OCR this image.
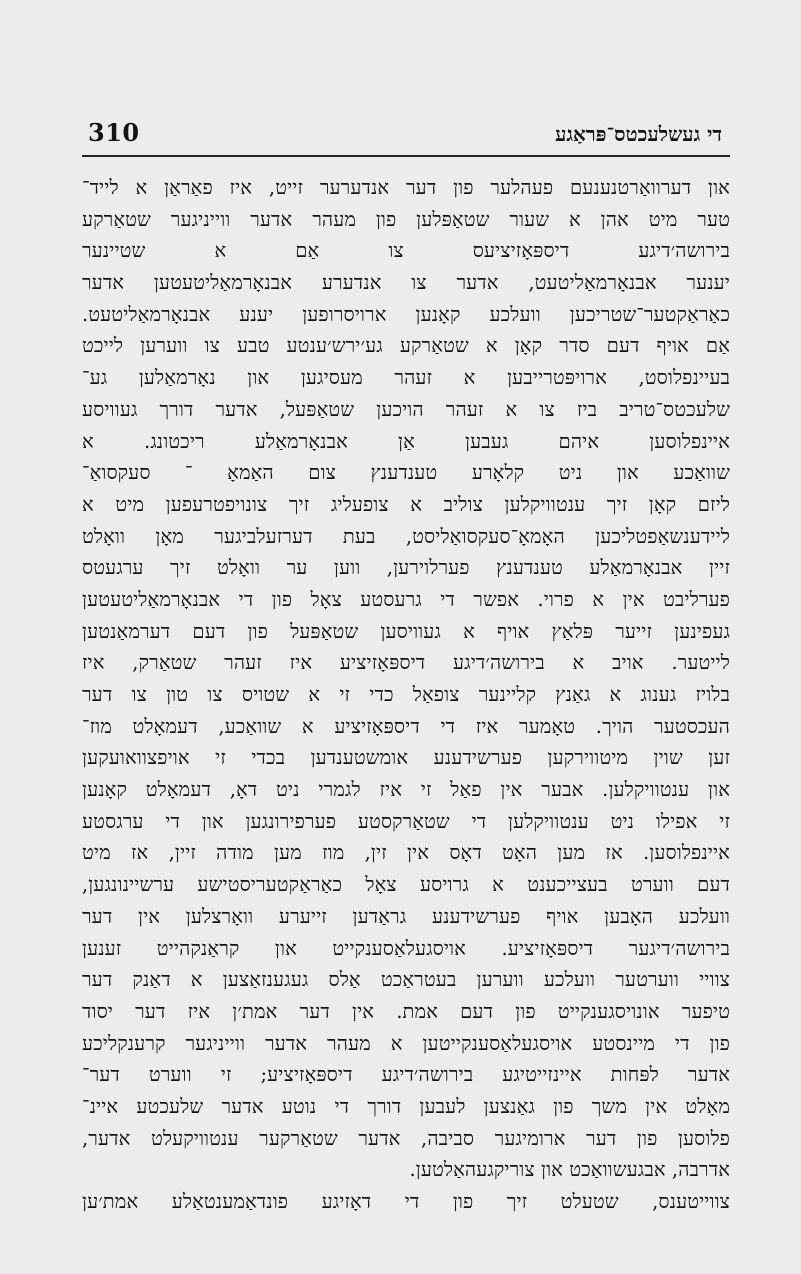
310	די געשלעכטס־פּראַגע
און דערוואַרטנענעם פעהלער פון דער אנדערער זייט, איז פאַראַן א לייד־
טער מיט אהן א שעור שטאַפּלען פון מעהר אדער ווייניגער שטאַרקע
בירושה׳דיגע דיספּאָזיציעס צו אַם א שטיינער
יענער אבנאָרמאַליטעט, אדער צו אנדערע אבנאָרמאַליטעטען אדער
כאַראַקטער־שטריכען וועלכע קאָנען ארויסרופען יענע אבנאָרמאַליטעט.
אַם אויף דעם סדר קאָן א שטאַרקע גע׳ירש׳ענטע טבע צו ווערען לייכט
בעיינפלוסט, ארויפּטרייבען א זעהר מעסיגען און נאָרמאַלען גע־
שלעכטס־טריב ביז צו א זעהר הויכען שטאַפּעל, אדער דורך געוויסע
איינפלוסען איהם געבען אַן אבנאָרמאַלע ריכטונג. א
שוואַכע און ניט קלאָרע טענדענץ צום האַמאָ ־ סעקסואַ־
ליזם קאָן זיך ענטוויקלען צוליב א צופעליג זיך צונויפטרעפען מיט א
ליידענשאַפטליכען האָמאָ־סעקסואַליסט, בעת דערזעלביגער מאָן וואָלט
זיין אבנאָרמאַלע טענדענץ פערלוירען, ווען ער וואָלט זיך ערגעטס
פערליבט אין א פרוי. אפשר די גרעסטע צאָל פון די אבנאָרמאַליטעטען
געפינען זייער פּלאַץ אויף א געוויסען שטאַפּעל פון דעם דערמאַנטען
לייטער. אויב א בירושה׳דיגע דיספּאָזיציע איז זעהר שטאַרק, איז
בלויז גענוג א גאַנץ קליינער צופאַל כדי זי א שטויס צו טון צו דער
העכסטער הויך. טאָמער איז די דיספּאָזיציע א שוואַכע, דעמאָלט מוז־
זען שוין מיטווירקען פערשידענע אומשטענדען בכדי זי אויפצוואועקען
און ענטוויקלען. אבער אין פאַל זי איז לגמרי ניט דאָ, דעמאָלט קאָנען
זי אפילו ניט ענטוויקלען די שטאַרקסטע פערפירונגען און די ערגסטע
איינפלוסען. אז מען האָט דאָס אין זין, מוז מען מודה זיין, אז מיט
דעם ווערט בעצייכענט א גרויסע צאָל כאַראַקטעריסטישע ערשיינונגען,
וועלכע האָבען אויף פערשידענע גראַדען זייערע וואָרצלען אין דער
בירושה׳דיגער דיספּאָזיציע. אויסגעלאַסענקייט און קראַנקהייט זענען
צוויי ווערטער וועלכע ווערען בעטראַכט אַלס געגענזאַצען א דאַנק דער
טיפער אונויסגענקייט פון דעם אמת. אין דער אמת׳ן איז דער יסוד
פון די מיינסטע אויסגעלאַסענקייטען א מעהר אדער ווייניגער קרענקליכע
אדער לפּחות איינזייטיגע בירושה׳דיגע דיספּאָזיציע; זי ווערט דער־
מאָלט אין משך פון גאַנצען לעבען דורך די נוטע אדער שלעכטע איינ־
פלוסען פון דער ארומיגער סביבה, אדער שטאַרקער ענטוויקעלט אדער,
אדרבה, אבגעשוואַכט און צוריקגעהאַלטען.
צווייטענס, שטעלט זיך פון די דאָזיגע פונדאַמענטאַלע אמת׳ען
